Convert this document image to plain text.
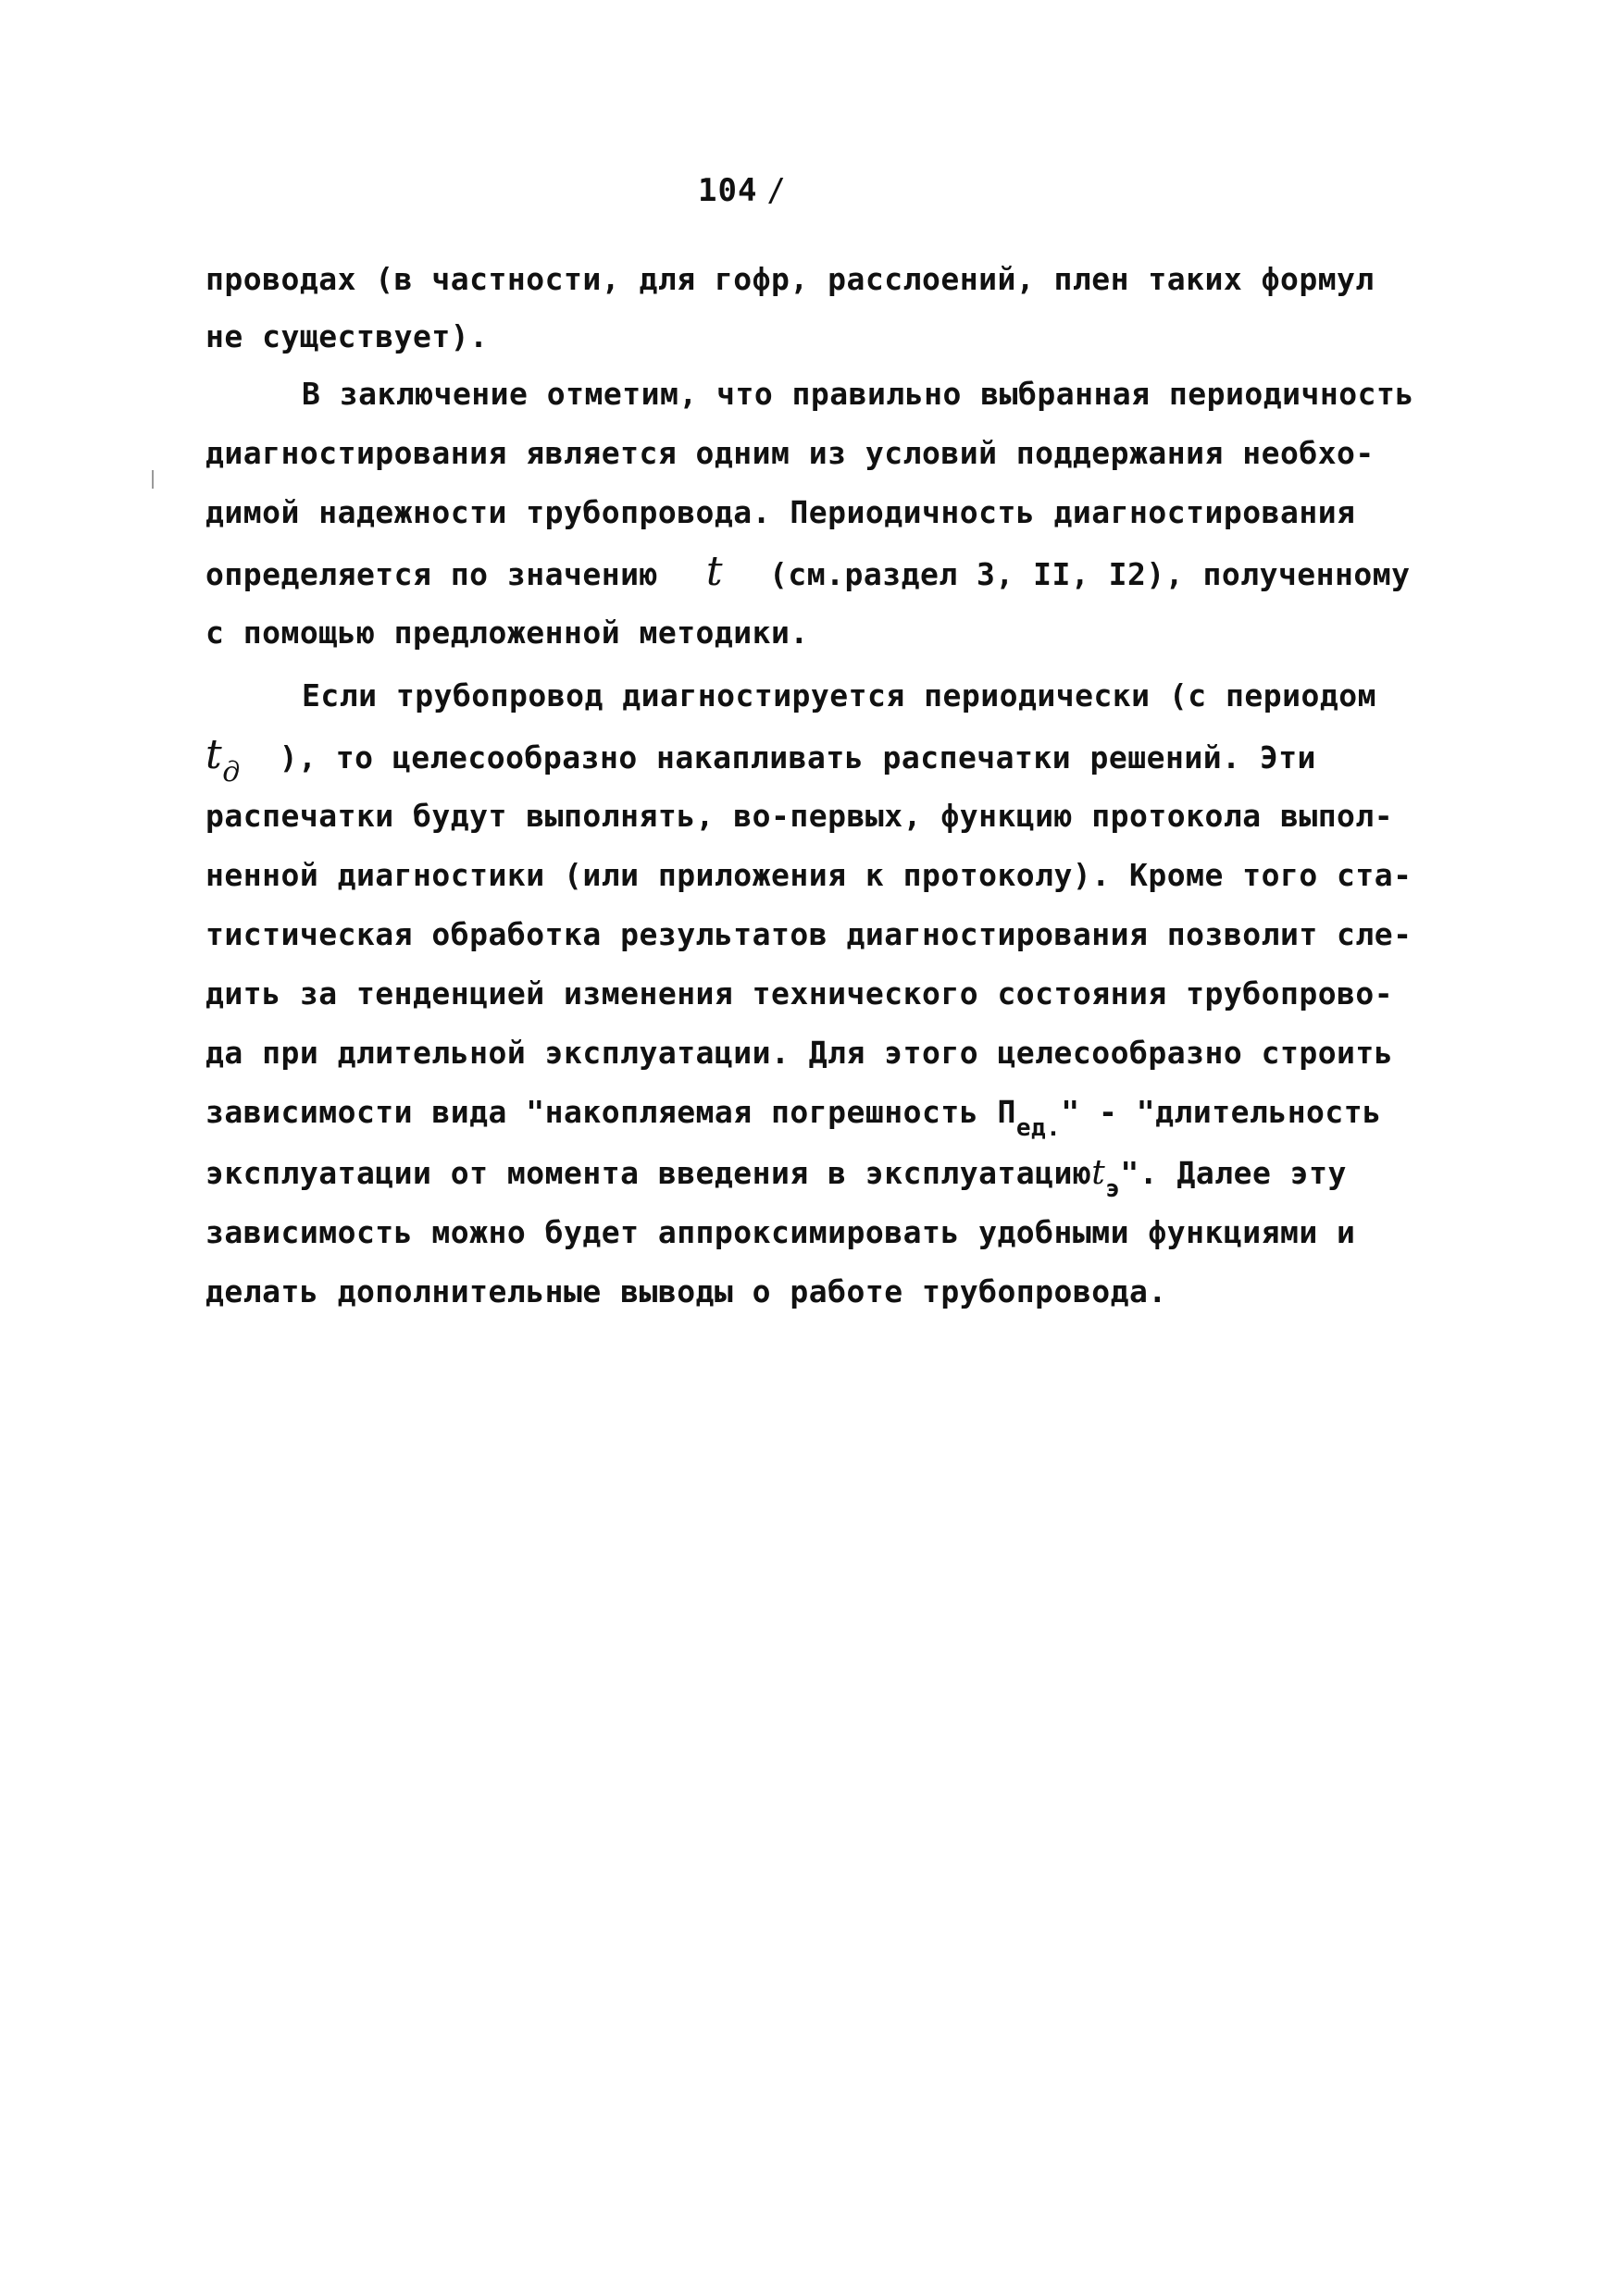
104 /
проводах (в частности, для гофр, расслоений, плен таких формул
не существует).
В заключение отметим, что правильно выбранная периодичность
диагностирования является одним из условий поддержания необхо-
димой надежности трубопровода. Периодичность диагностирования
определяется по значению t (см.раздел 3, II, I2), полученному
с помощью предложенной методики.
Если трубопровод диагностируется периодически (с периодом
tд ), то целесообразно накапливать распечатки решений. Эти
распечатки будут выполнять, во-первых, функцию протокола выпол-
ненной диагностики (или приложения к протоколу). Кроме того ста-
тистическая обработка результатов диагностирования позволит сле-
дить за тенденцией изменения технического состояния трубопрово-
да при длительной эксплуатации. Для этого целесообразно строить
зависимости вида "накопляемая погрешность $П_{ед.}$" - "длительность
эксплуатации от момента введения в эксплуатациюt$_э$". Далее эту
зависимость можно будет аппроксимировать удобными функциями и
делать дополнительные выводы о работе трубопровода.
